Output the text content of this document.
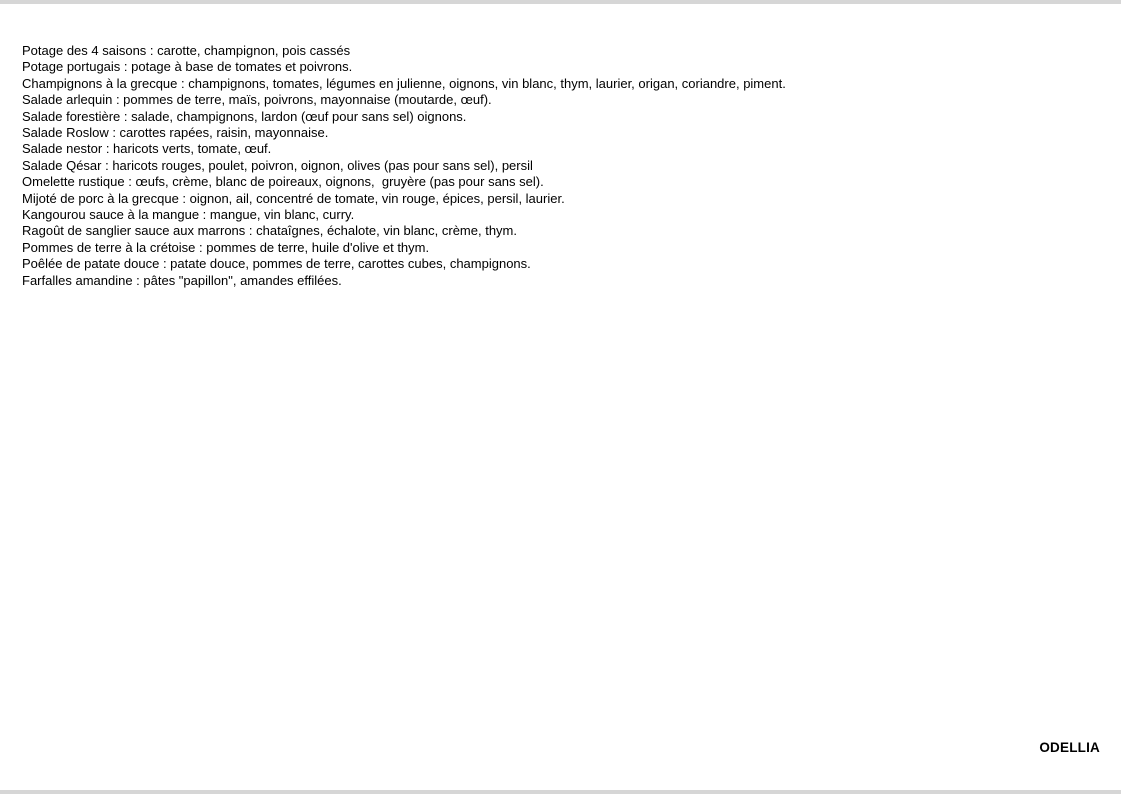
Potage des 4 saisons : carotte, champignon, pois cassés
Potage portugais : potage à base de tomates et poivrons.
Champignons à la grecque : champignons, tomates, légumes en julienne, oignons, vin blanc, thym, laurier, origan, coriandre, piment.
Salade arlequin : pommes de terre, maïs, poivrons, mayonnaise (moutarde, œuf).
Salade forestière : salade, champignons, lardon (œuf pour sans sel) oignons.
Salade Roslow : carottes rapées, raisin, mayonnaise.
Salade nestor : haricots verts, tomate, œuf.
Salade Qésar : haricots rouges, poulet, poivron, oignon, olives (pas pour sans sel), persil
Omelette rustique : œufs, crème, blanc de poireaux, oignons,  gruyère (pas pour sans sel).
Mijoté de porc à la grecque : oignon, ail, concentré de tomate, vin rouge, épices, persil, laurier.
Kangourou sauce à la mangue : mangue, vin blanc, curry.
Ragoût de sanglier sauce aux marrons : chataîgnes, échalote, vin blanc, crème, thym.
Pommes de terre à la crétoise : pommes de terre, huile d'olive et thym.
Poêlée de patate douce : patate douce, pommes de terre, carottes cubes, champignons.
Farfalles amandine : pâtes "papillon", amandes effilées.
ODELLIA
